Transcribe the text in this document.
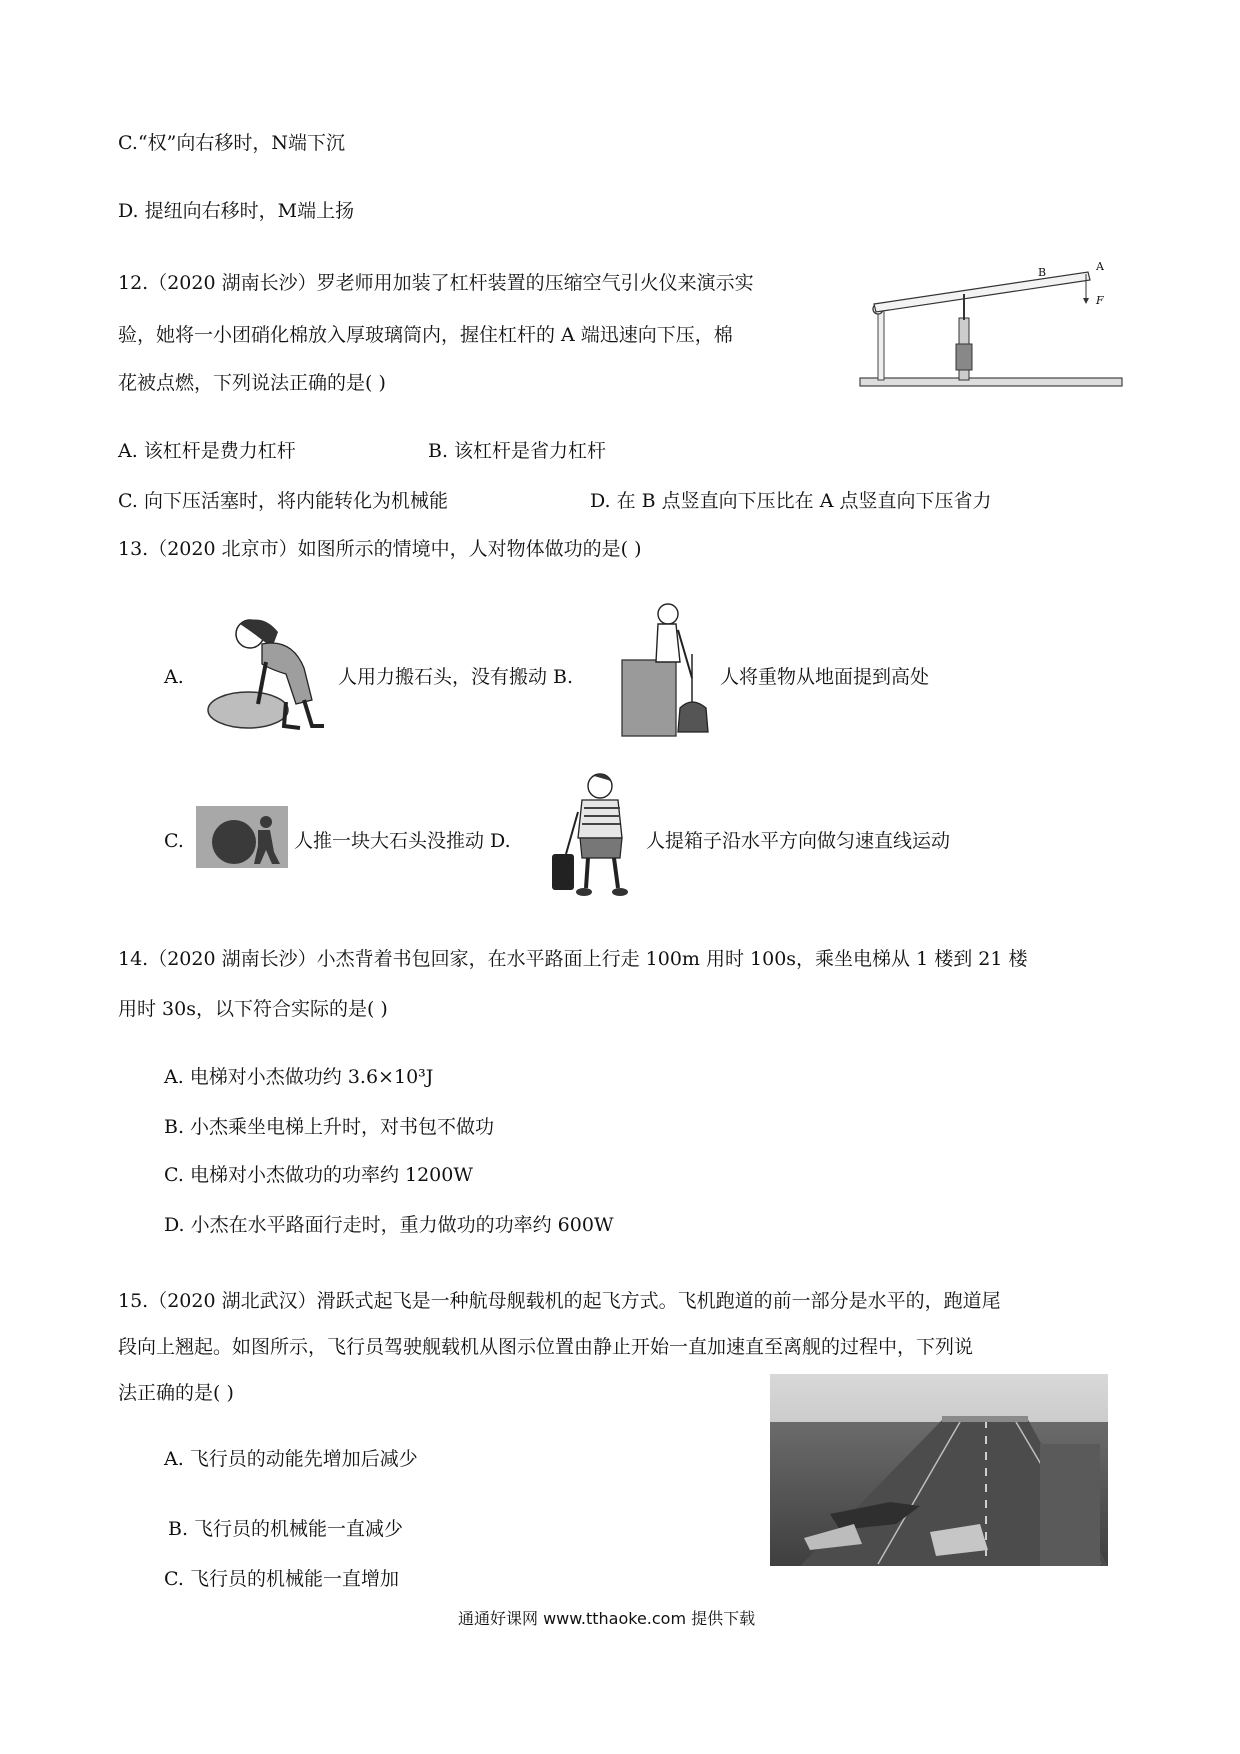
C.“权”向右移时，N端下沉
D. 提纽向右移时，M端上扬
12.（2020 湖南长沙）罗老师用加装了杠杆装置的压缩空气引火仪来演示实
验，她将一小团硝化棉放入厚玻璃筒内，握住杠杆的 A 端迅速向下压，棉
花被点燃，下列说法正确的是( )
B	A
F
A. 该杠杆是费力杠杆	B. 该杠杆是省力杠杆
C. 向下压活塞时，将内能转化为机械能	D. 在 B 点竖直向下压比在 A 点竖直向下压省力
13.（2020 北京市）如图所示的情境中，人对物体做功的是( )
A.	人用力搬石头，没有搬动 B.	人将重物从地面提到高处
C.	人推一块大石头没推动 D.	人提箱子沿水平方向做匀速直线运动
14.（2020 湖南长沙）小杰背着书包回家，在水平路面上行走 100m 用时 100s，乘坐电梯从 1 楼到 21 楼
用时 30s，以下符合实际的是( )
A. 电梯对小杰做功约 3.6×10³J
B. 小杰乘坐电梯上升时，对书包不做功
C. 电梯对小杰做功的功率约 1200W
D. 小杰在水平路面行走时，重力做功的功率约 600W
15.（2020 湖北武汉）滑跃式起飞是一种航母舰载机的起飞方式。飞机跑道的前一部分是水平的，跑道尾
段向上翘起。如图所示，飞行员驾驶舰载机从图示位置由静止开始一直加速直至离舰的过程中，下列说
法正确的是( )
A. 飞行员的动能先增加后减少
B. 飞行员的机械能一直减少
C. 飞行员的机械能一直增加
通通好课网 www.tthaoke.com 提供下载
